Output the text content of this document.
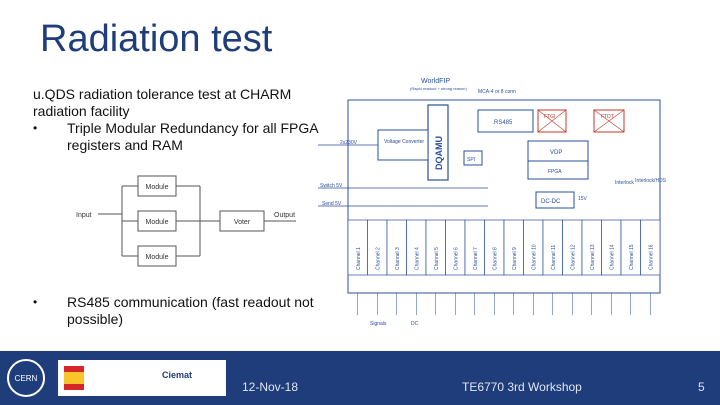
Radiation test
u.QDS radiation tolerance test at CHARM radiation facility
•	Triple Modular Redundancy for all FPGA registers and RAM
Module
Module
Module
Voter
Input	Output
•	RS485 communication (fast readout not possible)
WorldFIP
(Rapid readout + strong reason)
MCA-4 or 8 conn
DQAMU
Voltage Converter
2x230V
RS485
FTGI	FTDT
SPI
VDP
FPGA
Interlock Interlock/HDS
Switch 5V
Send 5V	DC-DC	15V
Channel 1	Channel 2	Channel 3	Channel 4	Channel 5	Channel 6	Channel 7	Channel 8	Channel 9	Channel 10	Channel 11	Channel 12	Channel 13	Channel 14	Channel 15	Channel 16
Signals	DC
CERN	Ciemat
12-Nov-18	TE6770 3rd Workshop	5
